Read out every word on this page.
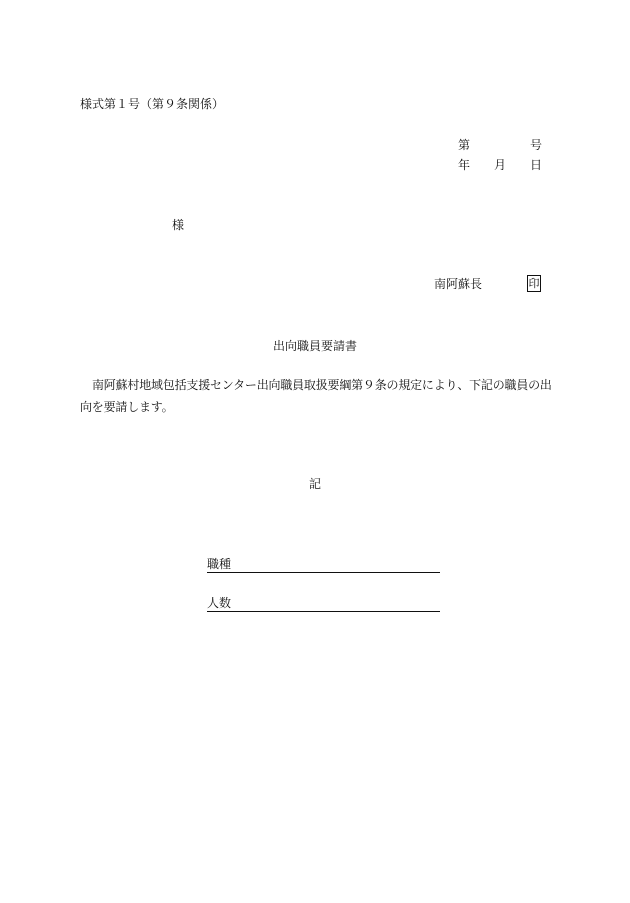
様式第１号（第９条関係）
第	号
年 月 日
様
南阿蘇長	印
出向職員要請書
南阿蘇村地域包括支援センター出向職員取扱要綱第９条の規定により、下記の職員の出向を要請します。
記
職種
人数
